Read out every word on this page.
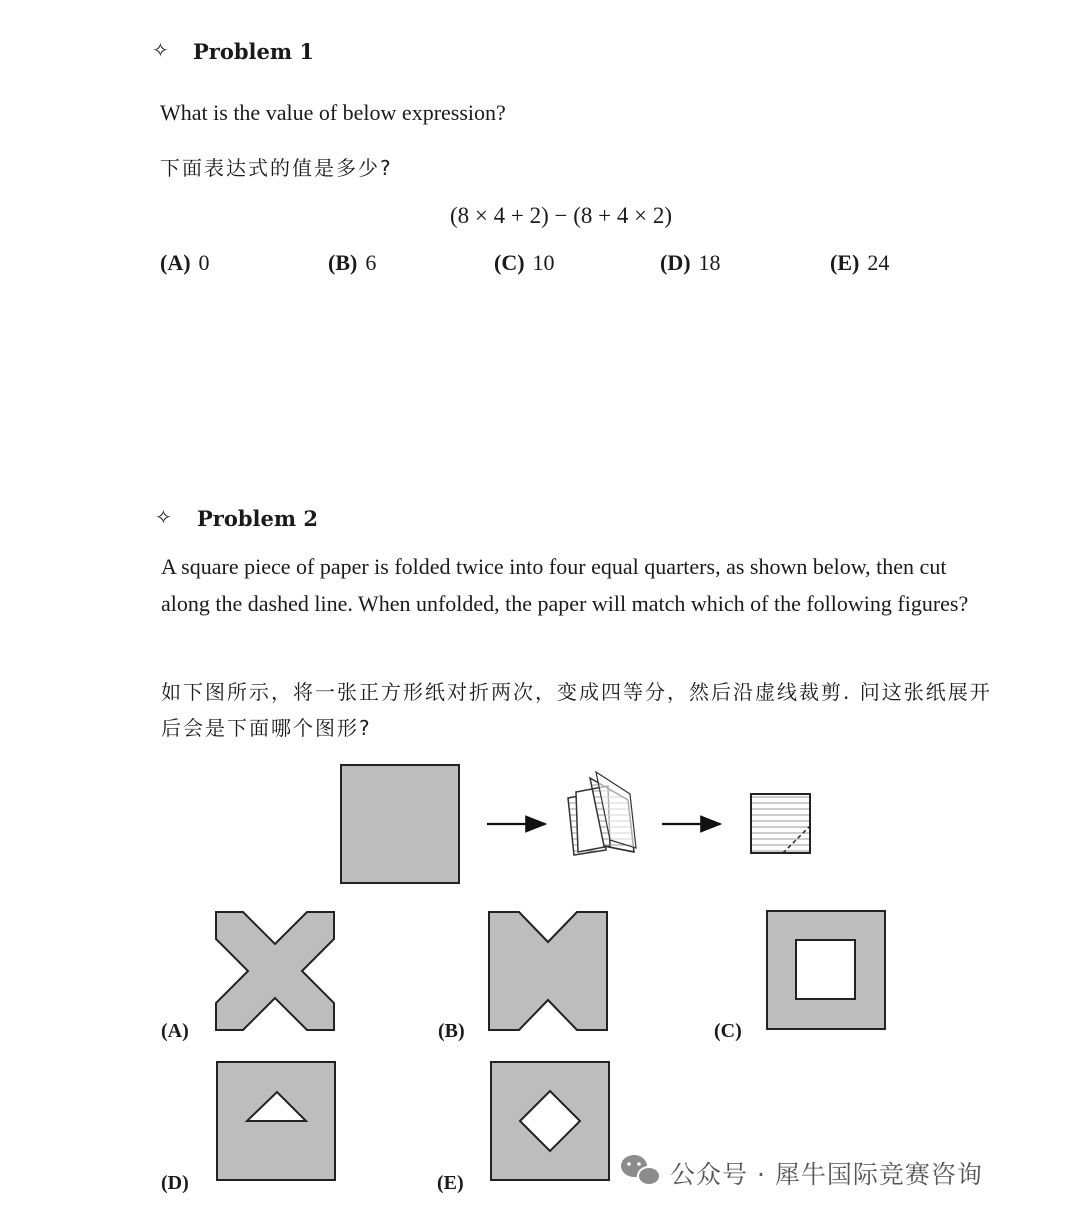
✧ Problem 1
What is the value of below expression?
下面表达式的值是多少?
(8 × 4 + 2) − (8 + 4 × 2)
(A) 0	(B) 6	(C) 10	(D) 18	(E) 24
✧ Problem 2
A square piece of paper is folded twice into four equal quarters, as shown below, then cut along the dashed line. When unfolded, the paper will match which of the following figures?
如下图所示，将一张正方形纸对折两次，变成四等分，然后沿虚线裁剪. 问这张纸展开后会是下面哪个图形?
(A)	(B)	(C)
(D)	(E)	公众号 · 犀牛国际竞赛咨询
